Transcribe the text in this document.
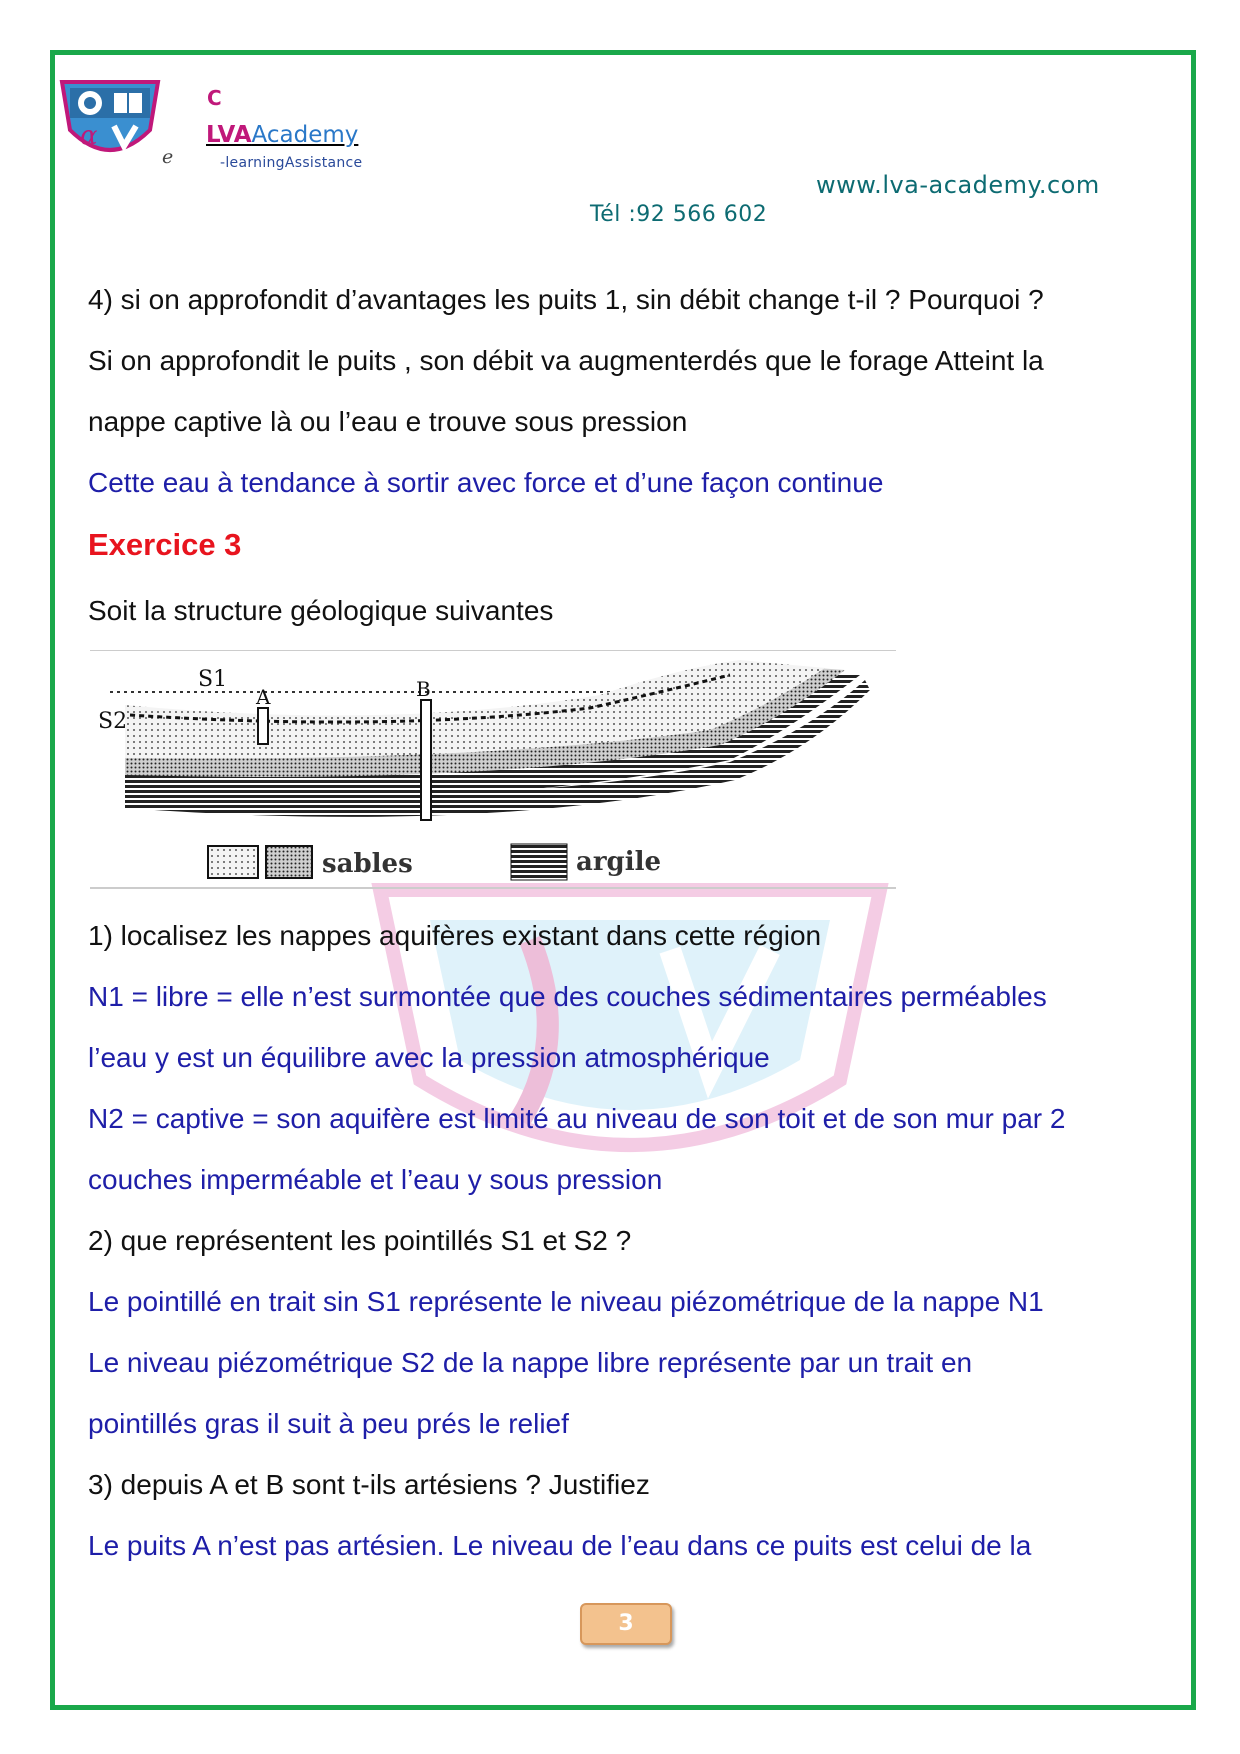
α
e
C
LVAAcademy
-learningAssistance
www.lva-academy.com
Tél :92 566 602
4) si on approfondit d’avantages les puits 1, sin débit change t-il ? Pourquoi ?
Si on approfondit le puits , son débit va augmenterdés que le forage Atteint la
nappe captive là ou l’eau e trouve sous pression
Cette eau à tendance à sortir avec force et d’une façon continue
Exercice 3
Soit la structure géologique suivantes
S1
S2
A	B
sables	argile
1) localisez les nappes aquifères existant dans cette région
N1 = libre = elle n’est surmontée que des couches sédimentaires perméables
l’eau y est un équilibre avec la pression atmosphérique
N2 = captive = son aquifère est limité au niveau de son toit et de son mur par 2
couches imperméable et l’eau y sous pression
2) que représentent les pointillés S1 et S2 ?
Le pointillé en trait sin S1 représente le niveau piézométrique de la nappe N1
Le niveau piézométrique S2 de la nappe libre représente par un trait en
pointillés gras il suit à peu prés le relief
3) depuis A et B sont t-ils artésiens ? Justifiez
Le puits A n’est pas artésien. Le niveau de l’eau dans ce puits est celui de la
3
